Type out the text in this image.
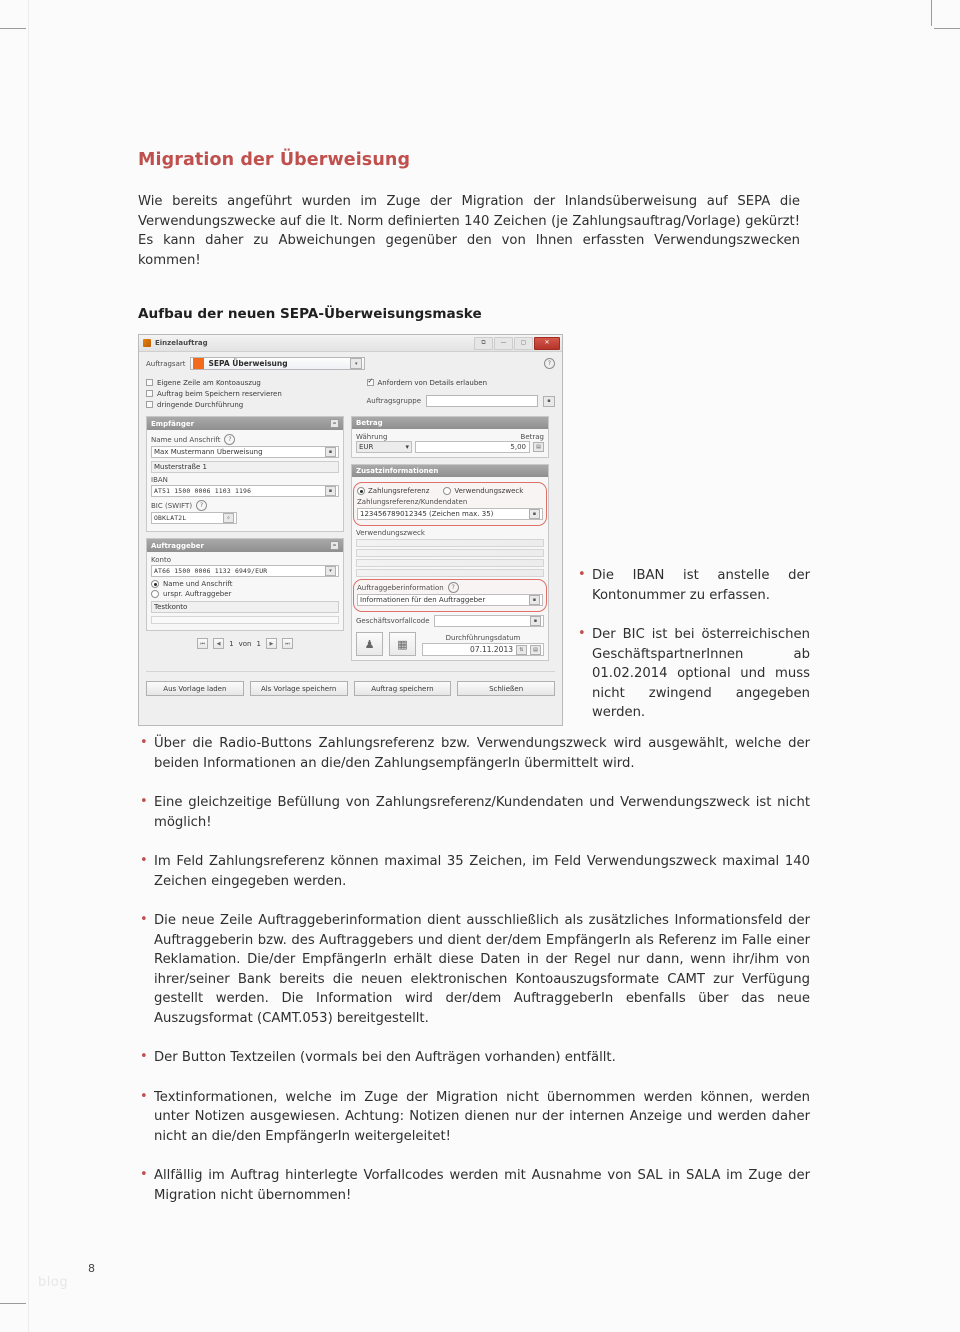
Migration der Überweisung

Wie bereits angeführt wurden im Zuge der Migration der Inlandsüberweisung auf SEPA die Verwendungszwecke auf die lt. Norm definierten 140 Zeichen (je Zahlungsauftrag/Vorlage) gekürzt! Es kann daher zu Abweichungen gegenüber den von Ihnen erfassten Verwendungszwecken kommen!

Aufbau der neuen SEPA-Überweisungsmaske
Einzelauftrag	⧉	—	▢	✕
Auftragsart	SEPA Überweisung	▾	?
Eigene Zeile am Kontoauszug
Auftrag beim Speichern reservieren
dringende Durchführung
✓
Anfordern von Details erlauben
Auftragsgruppe	▪
Empfänger	–
Name und Anschrift	?
Max Mustermann Überweisung	▪
Musterstraße 1
IBAN
AT51 1500 0006 1103 1196	▪
BIC (SWIFT)	?
OBKLAT2L	⌕
Auftraggeber	–
Konto
AT66 1500 0006 1132 6949/EUR	▾
Name und Anschrift
urspr. Auftraggeber
Testkonto
⏮	◀	1 von 1	▶	⏭
Betrag
Währung	Betrag
EUR	▾	5,00	▤
Zusatzinformationen
Zahlungsreferenz	Verwendungszweck
Zahlungsreferenz/Kundendaten
123456789012345 (Zeichen max. 35)	▪
Verwendungszweck
Auftraggeberinformation	?
Informationen für den Auftraggeber	▪
Geschäftsvorfallcode	▪
♟	▦	Durchführungsdatum
07.11.2013	⇅	▤
Aus Vorlage laden	Als Vorlage speichern	Auftrag speichern	Schließen
• Die IBAN ist anstelle der Kontonummer zu erfassen.
• Der BIC ist bei österreichischen GeschäftspartnerInnen ab 01.02.2014 optional und muss nicht zwingend angegeben werden.
• Über die Radio-Buttons Zahlungsreferenz bzw. Verwendungszweck wird ausgewählt, welche der beiden Informationen an die/den ZahlungsempfängerIn übermittelt wird.
• Eine gleichzeitige Befüllung von Zahlungsreferenz/Kundendaten und Verwendungszweck ist nicht möglich!
• Im Feld Zahlungsreferenz können maximal 35 Zeichen, im Feld Verwendungszweck maximal 140 Zeichen eingegeben werden.
• Die neue Zeile Auftraggeberinformation dient ausschließlich als zusätzliches Informationsfeld der Auftraggeberin bzw. des Auftraggebers und dient der/dem EmpfängerIn als Referenz im Falle einer Reklamation. Die/der EmpfängerIn erhält diese Daten in der Regel nur dann, wenn ihr/ihm von ihrer/seiner Bank bereits die neuen elektronischen Kontoauszugsformate CAMT zur Verfügung gestellt werden. Die Information wird der/dem AuftraggeberIn ebenfalls über das neue Auszugsformat (CAMT.053) bereitgestellt.
• Der Button Textzeilen (vormals bei den Aufträgen vorhanden) entfällt.
• Textinformationen, welche im Zuge der Migration nicht übernommen werden können, werden unter Notizen ausgewiesen. Achtung: Notizen dienen nur der internen Anzeige und werden daher nicht an die/den EmpfängerIn weitergeleitet!
• Allfällig im Auftrag hinterlegte Vorfallcodes werden mit Ausnahme von SAL in SALA im Zuge der Migration nicht übernommen!
blog
8
